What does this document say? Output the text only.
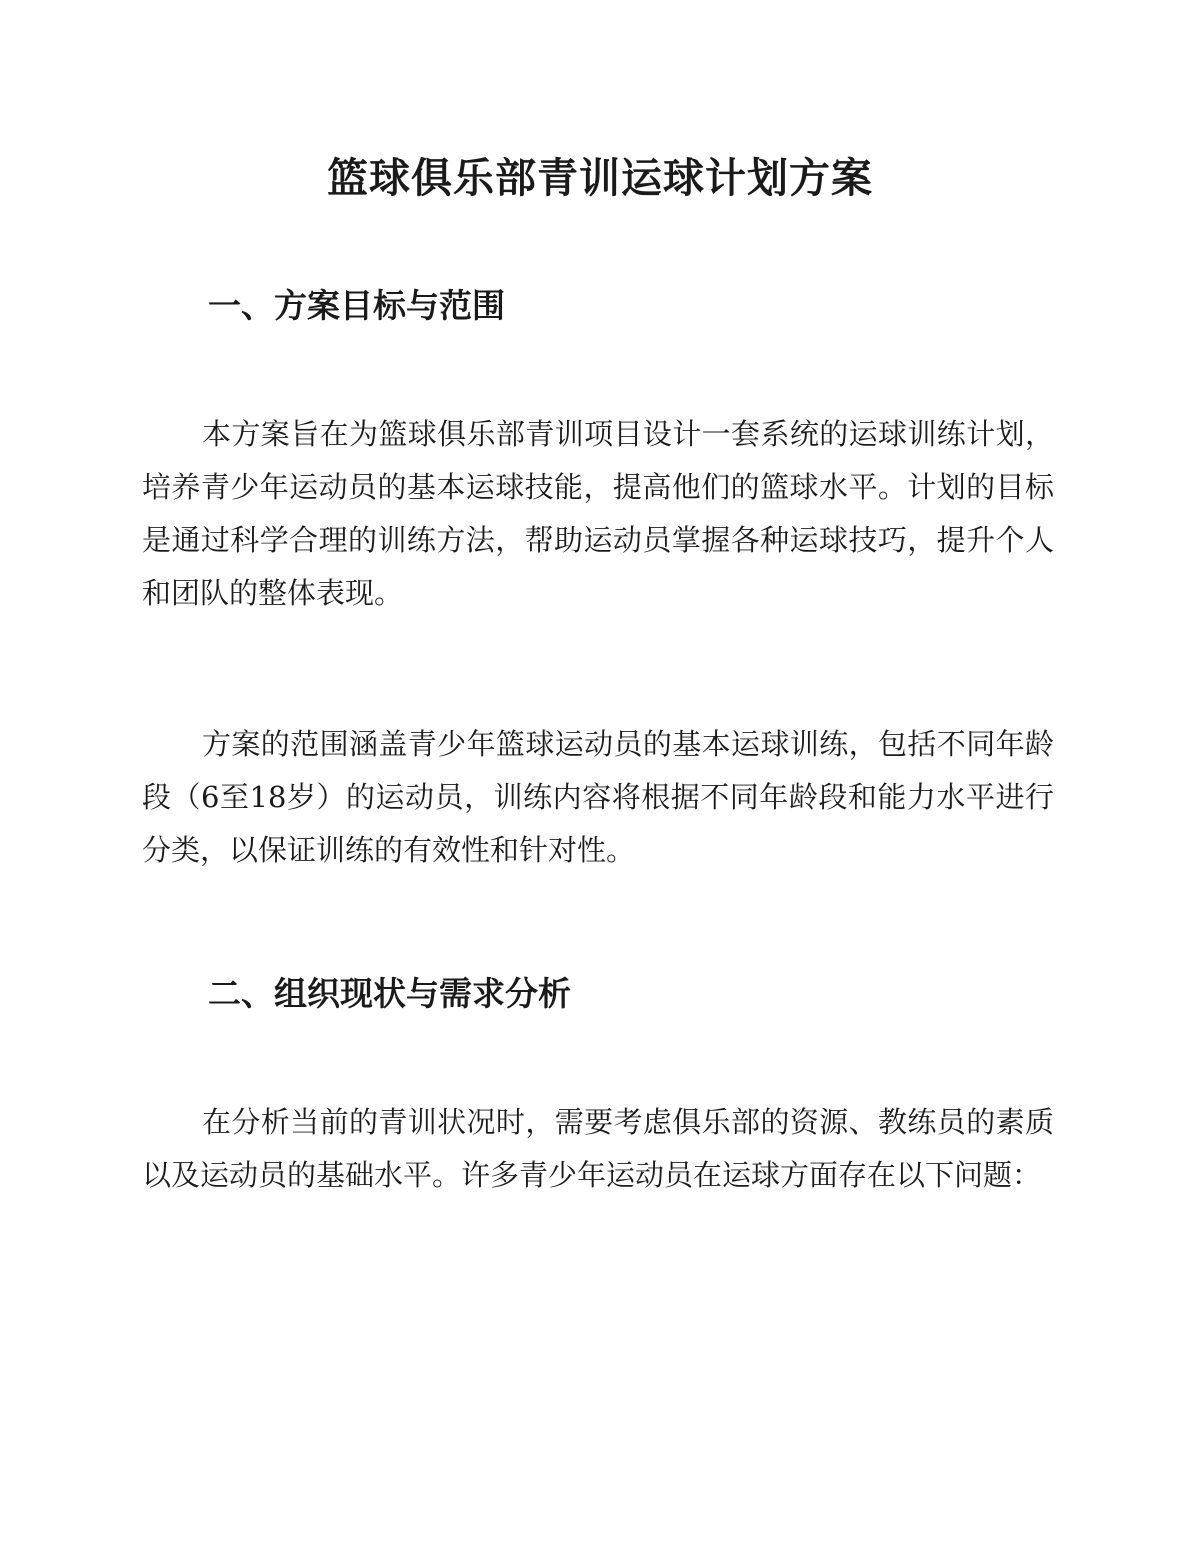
篮球俱乐部青训运球计划方案
一、方案目标与范围

本方案旨在为篮球俱乐部青训项目设计一套系统的运球训练计划，培养青少年运动员的基本运球技能，提高他们的篮球水平。计划的目标是通过科学合理的训练方法，帮助运动员掌握各种运球技巧，提升个人和团队的整体表现。

方案的范围涵盖青少年篮球运动员的基本运球训练，包括不同年龄段（6至18岁）的运动员，训练内容将根据不同年龄段和能力水平进行分类，以保证训练的有效性和针对性。

二、组织现状与需求分析

在分析当前的青训状况时，需要考虑俱乐部的资源、教练员的素质以及运动员的基础水平。许多青少年运动员在运球方面存在以下问题：
